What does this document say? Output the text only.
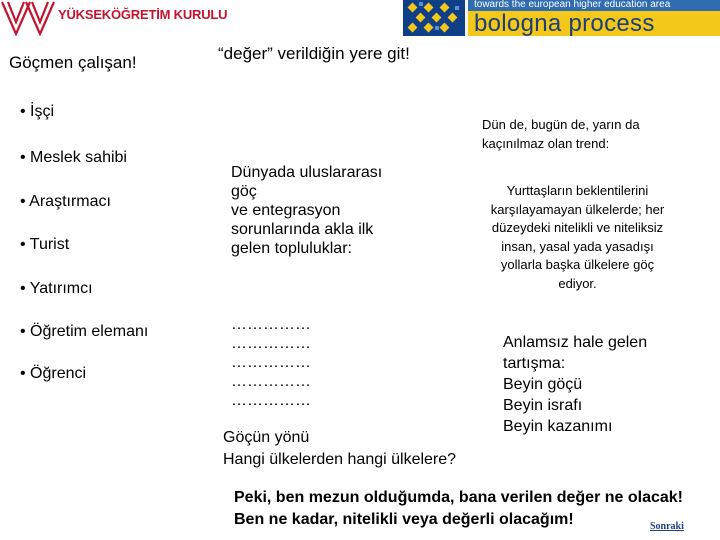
YÜKSEKÖĞRETİM KURULU
towards the european higher education area
bologna process
Göçmen çalışan!	“değer” verildiğin yere git!
• İşçi
• Meslek sahibi
• Araştırmacı
• Turist
• Yatırımcı
• Öğretim elemanı
• Öğrenci
Dünyada uluslararası
göç
ve entegrasyon
sorunlarında akla ilk
gelen topluluklar:
……………
……………
……………
……………
……………
Göçün yönü
Hangi ülkelerden hangi ülkelere?
Dün de, bugün de, yarın da
kaçınılmaz olan trend:
Yurttaşların beklentilerini
karşılayamayan ülkelerde; her
düzeydeki nitelikli ve niteliksiz
insan, yasal yada yasadışı
yollarla başka ülkelere göç
ediyor.
Anlamsız hale gelen
tartışma:
Beyin göçü
Beyin israfı
Beyin kazanımı
Peki, ben mezun olduğumda, bana verilen değer ne olacak!
Ben ne kadar, nitelikli veya değerli olacağım!	Sonraki
